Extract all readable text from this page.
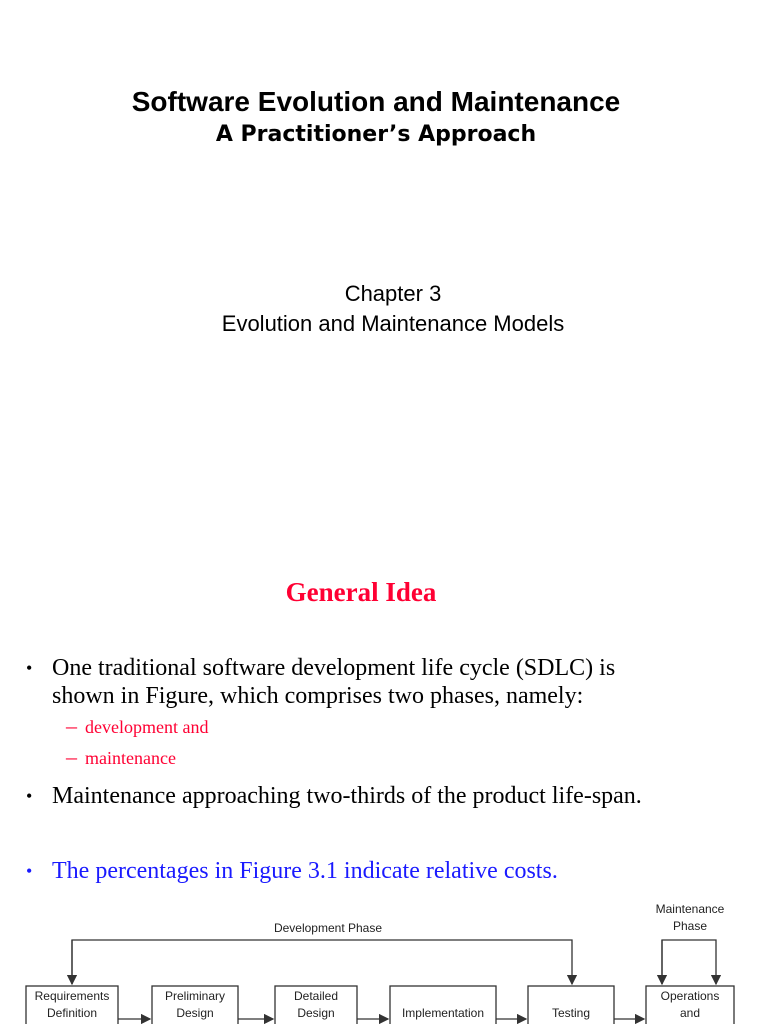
Software Evolution and Maintenance
A Practitioner’s Approach
Chapter 3
Evolution and Maintenance Models
General Idea
• One traditional software development life cycle (SDLC) is
shown in Figure, which comprises two phases, namely:
– development and
– maintenance
• Maintenance approaching two-thirds of the product life-span.
• The percentages in Figure 3.1 indicate relative costs.
Development Phase
Maintenance
Phase
Requirements
Definition
Preliminary
Design
Detailed
Design	Implementation	Testing
Operations
and
